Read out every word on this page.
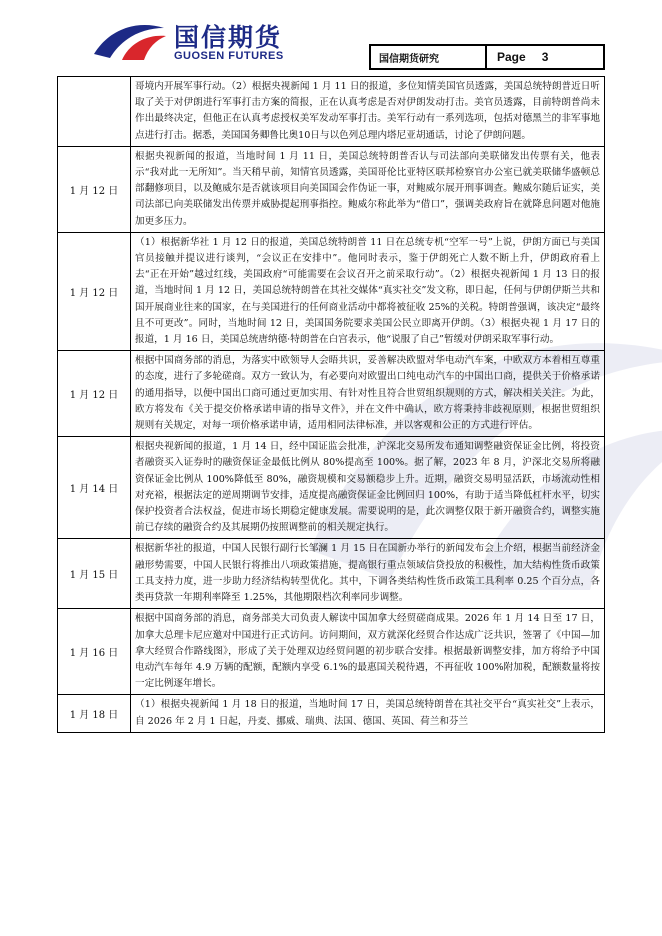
国信期货
GUOSEN FUTURES	国信期货研究	Page 3
	哥境内开展军事行动。（2）根据央视新闻 1 月 11 日的报道，多位知情美国官员透露，美国总统特朗普近日听取了关于对伊朗进行军事打击方案的简报，正在认真考虑是否对伊朗发动打击。美官员透露，目前特朗普尚未作出最终决定，但他正在认真考虑授权美军发动军事打击。美军行动有一系列选项，包括对德黑兰的非军事地点进行打击。据悉，美国国务卿鲁比奥10日与以色列总理内塔尼亚胡通话，讨论了伊朗问题。
1 月 12 日	根据央视新闻的报道，当地时间 1 月 11 日，美国总统特朗普否认与司法部向美联储发出传票有关，他表示“我对此一无所知”。当天稍早前，知情官员透露，美国哥伦比亚特区联邦检察官办公室已就美联储华盛顿总部翻修项目，以及鲍威尔是否就该项目向美国国会作伪证一事，对鲍威尔展开刑事调查。鲍威尔随后证实，美司法部已向美联储发出传票并威胁提起刑事指控。鲍威尔称此举为“借口”，强调美政府旨在就降息问题对他施加更多压力。
1 月 12 日	（1）根据新华社 1 月 12 日的报道，美国总统特朗普 11 日在总统专机“空军一号”上说，伊朗方面已与美国官员接触并提议进行谈判，“会议正在安排中”。他同时表示，鉴于伊朗死亡人数不断上升，伊朗政府看上去“正在开始”越过红线，美国政府“可能需要在会议召开之前采取行动”。（2）根据央视新闻 1 月 13 日的报道，当地时间 1 月 12 日，美国总统特朗普在其社交媒体“真实社交”发文称，即日起，任何与伊朗伊斯兰共和国开展商业往来的国家，在与美国进行的任何商业活动中都将被征收 25%的关税。特朗普强调，该决定“最终且不可更改”。同时，当地时间 12 日，美国国务院要求美国公民立即离开伊朗。（3）根据央视 1 月 17 日的报道，1 月 16 日，美国总统唐纳德·特朗普在白宫表示，他“说服了自己”暂缓对伊朗采取军事行动。
1 月 12 日	根据中国商务部的消息，为落实中欧领导人会晤共识，妥善解决欧盟对华电动汽车案，中欧双方本着相互尊重的态度，进行了多轮磋商。双方一致认为，有必要向对欧盟出口纯电动汽车的中国出口商，提供关于价格承诺的通用指导，以便中国出口商可通过更加实用、有针对性且符合世贸组织规则的方式，解决相关关注。为此，欧方将发布《关于提交价格承诺申请的指导文件》，并在文件中确认，欧方将秉持非歧视原则，根据世贸组织规则有关规定，对每一项价格承诺申请，适用相同法律标准，并以客观和公正的方式进行评估。
1 月 14 日	根据央视新闻的报道，1 月 14 日，经中国证监会批准，沪深北交易所发布通知调整融资保证金比例，将投资者融资买入证券时的融资保证金最低比例从 80%提高至 100%。据了解，2023 年 8 月，沪深北交易所将融资保证金比例从 100%降低至 80%，融资规模和交易额稳步上升。近期，融资交易明显活跃，市场流动性相对充裕，根据法定的逆周期调节安排，适度提高融资保证金比例回归 100%，有助于适当降低杠杆水平，切实保护投资者合法权益，促进市场长期稳定健康发展。需要说明的是，此次调整仅限于新开融资合约，调整实施前已存续的融资合约及其展期仍按照调整前的相关规定执行。
1 月 15 日	根据新华社的报道，中国人民银行副行长邹澜 1 月 15 日在国新办举行的新闻发布会上介绍，根据当前经济金融形势需要，中国人民银行将推出八项政策措施，提高银行重点领域信贷投放的积极性，加大结构性货币政策工具支持力度，进一步助力经济结构转型优化。其中，下调各类结构性货币政策工具利率 0.25 个百分点，各类再贷款一年期利率降至 1.25%，其他期限档次利率同步调整。
1 月 16 日	根据中国商务部的消息，商务部美大司负责人解读中国加拿大经贸磋商成果。2026 年 1 月 14 日至 17 日，加拿大总理卡尼应邀对中国进行正式访问。访问期间，双方就深化经贸合作达成广泛共识，签署了《中国—加拿大经贸合作路线图》，形成了关于处理双边经贸问题的初步联合安排。根据最新调整安排，加方将给予中国电动汽车每年 4.9 万辆的配额，配额内享受 6.1%的最惠国关税待遇，不再征收 100%附加税，配额数量将按一定比例逐年增长。
1 月 18 日	（1）根据央视新闻 1 月 18 日的报道，当地时间 17 日，美国总统特朗普在其社交平台“真实社交”上表示，自 2026 年 2 月 1 日起，丹麦、挪威、瑞典、法国、德国、英国、荷兰和芬兰
